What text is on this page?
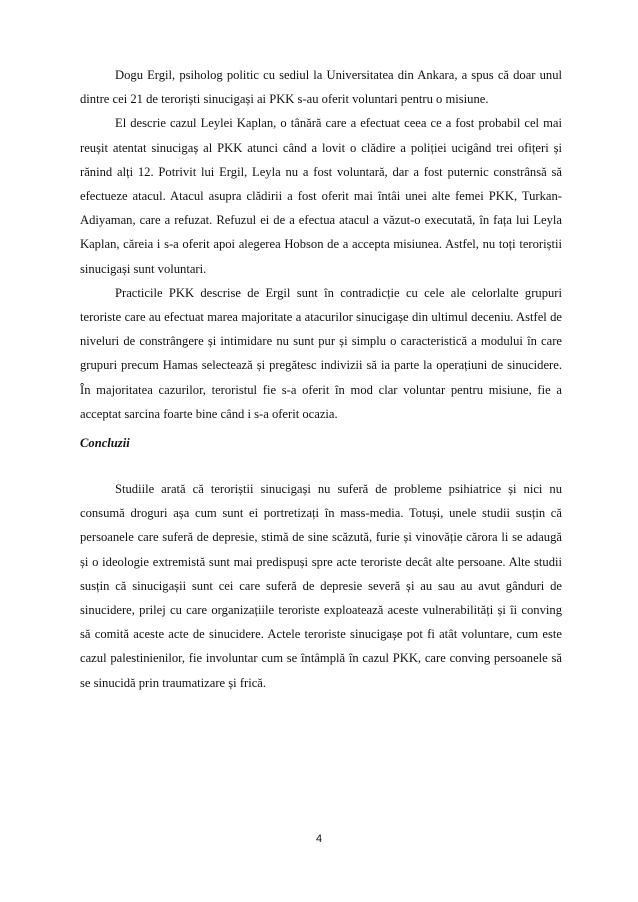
Dogu Ergil, psiholog politic cu sediul la Universitatea din Ankara, a spus că doar unul dintre cei 21 de teroriști sinucigași ai PKK s-au oferit voluntari pentru o misiune.

El descrie cazul Leylei Kaplan, o tânără care a efectuat ceea ce a fost probabil cel mai reușit atentat sinucigaș al PKK atunci când a lovit o clădire a poliției ucigând trei ofițeri și rănind alți 12. Potrivit lui Ergil, Leyla nu a fost voluntară, dar a fost puternic constrânsă să efectueze atacul. Atacul asupra clădirii a fost oferit mai întâi unei alte femei PKK, Turkan-Adiyaman, care a refuzat. Refuzul ei de a efectua atacul a văzut-o executată, în fața lui Leyla Kaplan, căreia i s-a oferit apoi alegerea Hobson de a accepta misiunea. Astfel, nu toți teroriștii sinucigași sunt voluntari.

Practicile PKK descrise de Ergil sunt în contradicție cu cele ale celorlalte grupuri teroriste care au efectuat marea majoritate a atacurilor sinucigașe din ultimul deceniu. Astfel de niveluri de constrângere și intimidare nu sunt pur și simplu o caracteristică a modului în care grupuri precum Hamas selectează și pregătesc indivizii să ia parte la operațiuni de sinucidere. În majoritatea cazurilor, teroristul fie s-a oferit în mod clar voluntar pentru misiune, fie a acceptat sarcina foarte bine când i s-a oferit ocazia.

Concluzii

Studiile arată că teroriștii sinucigași nu suferă de probleme psihiatrice și nici nu consumă droguri așa cum sunt ei portretizați în mass-media. Totuși, unele studii susțin că persoanele care suferă de depresie, stimă de sine scăzută, furie și vinovăție cărora li se adaugă și o ideologie extremistă sunt mai predispuși spre acte teroriste decât alte persoane. Alte studii susțin că sinucigașii sunt cei care suferă de depresie severă și au sau au avut gânduri de sinucidere, prilej cu care organizațiile teroriste exploatează aceste vulnerabilități și îi conving să comită aceste acte de sinucidere. Actele teroriste sinucigașe pot fi atât voluntare, cum este cazul palestinienilor, fie involuntar cum se întâmplă în cazul PKK, care conving persoanele să se sinucidă prin traumatizare și frică.

4
